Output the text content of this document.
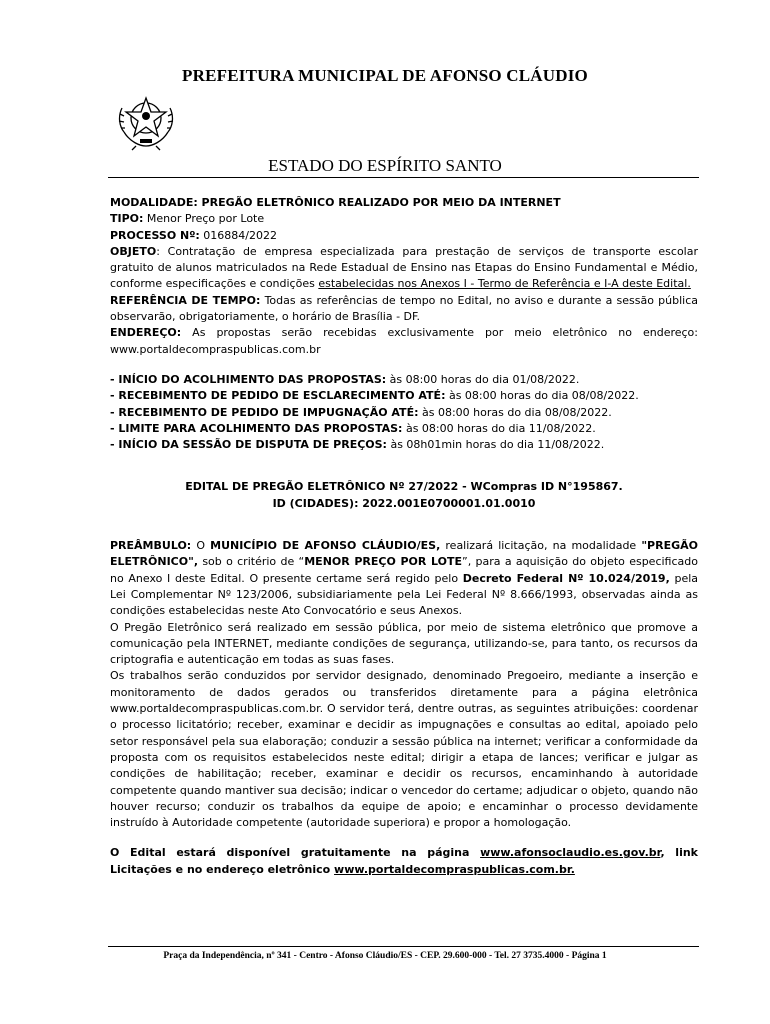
PREFEITURA MUNICIPAL DE AFONSO CLÁUDIO
ESTADO DO ESPÍRITO SANTO

MODALIDADE: PREGÃO ELETRÔNICO REALIZADO POR MEIO DA INTERNET

TIPO: Menor Preço por Lote

PROCESSO Nº: 016884/2022

OBJETO: Contratação de empresa especializada para prestação de serviços de transporte escolar gratuito de alunos matriculados na Rede Estadual de Ensino nas Etapas do Ensino Fundamental e Médio, conforme especificações e condições estabelecidas nos Anexos I - Termo de Referência e I-A deste Edital.

REFERÊNCIA DE TEMPO: Todas as referências de tempo no Edital, no aviso e durante a sessão pública observarão, obrigatoriamente, o horário de Brasília - DF.

ENDEREÇO: As propostas serão recebidas exclusivamente por meio eletrônico no endereço: www.portaldecompraspublicas.com.br

- INÍCIO DO ACOLHIMENTO DAS PROPOSTAS: às 08:00 horas do dia 01/08/2022.

- RECEBIMENTO DE PEDIDO DE ESCLARECIMENTO ATÉ: às 08:00 horas do dia 08/08/2022.

- RECEBIMENTO DE PEDIDO DE IMPUGNAÇÃO ATÉ: às 08:00 horas do dia 08/08/2022.

- LIMITE PARA ACOLHIMENTO DAS PROPOSTAS: às 08:00 horas do dia 11/08/2022.

- INÍCIO DA SESSÃO DE DISPUTA DE PREÇOS: às 08h01min horas do dia 11/08/2022.

EDITAL DE PREGÃO ELETRÔNICO Nº 27/2022 - WCompras ID N°195867.

ID (CIDADES): 2022.001E0700001.01.0010

PREÂMBULO: O MUNICÍPIO DE AFONSO CLÁUDIO/ES, realizará licitação, na modalidade "PREGÃO ELETRÔNICO", sob o critério de “MENOR PREÇO POR LOTE”, para a aquisição do objeto especificado no Anexo I deste Edital. O presente certame será regido pelo Decreto Federal Nº 10.024/2019, pela Lei Complementar Nº 123/2006, subsidiariamente pela Lei Federal Nº 8.666/1993, observadas ainda as condições estabelecidas neste Ato Convocatório e seus Anexos.

O Pregão Eletrônico será realizado em sessão pública, por meio de sistema eletrônico que promove a comunicação pela INTERNET, mediante condições de segurança, utilizando-se, para tanto, os recursos da criptografia e autenticação em todas as suas fases.

Os trabalhos serão conduzidos por servidor designado, denominado Pregoeiro, mediante a inserção e monitoramento de dados gerados ou transferidos diretamente para a página eletrônica www.portaldecompraspublicas.com.br. O servidor terá, dentre outras, as seguintes atribuições: coordenar o processo licitatório; receber, examinar e decidir as impugnações e consultas ao edital, apoiado pelo setor responsável pela sua elaboração; conduzir a sessão pública na internet; verificar a conformidade da proposta com os requisitos estabelecidos neste edital; dirigir a etapa de lances; verificar e julgar as condições de habilitação; receber, examinar e decidir os recursos, encaminhando à autoridade competente quando mantiver sua decisão; indicar o vencedor do certame; adjudicar o objeto, quando não houver recurso; conduzir os trabalhos da equipe de apoio; e encaminhar o processo devidamente instruído à Autoridade competente (autoridade superiora) e propor a homologação.

O Edital estará disponível gratuitamente na página www.afonsoclaudio.es.gov.br, link Licitações e no endereço eletrônico www.portaldecompraspublicas.com.br.

Praça da Independência, nº 341 - Centro - Afonso Cláudio/ES - CEP. 29.600-000 - Tel. 27 3735.4000 - Página 1
